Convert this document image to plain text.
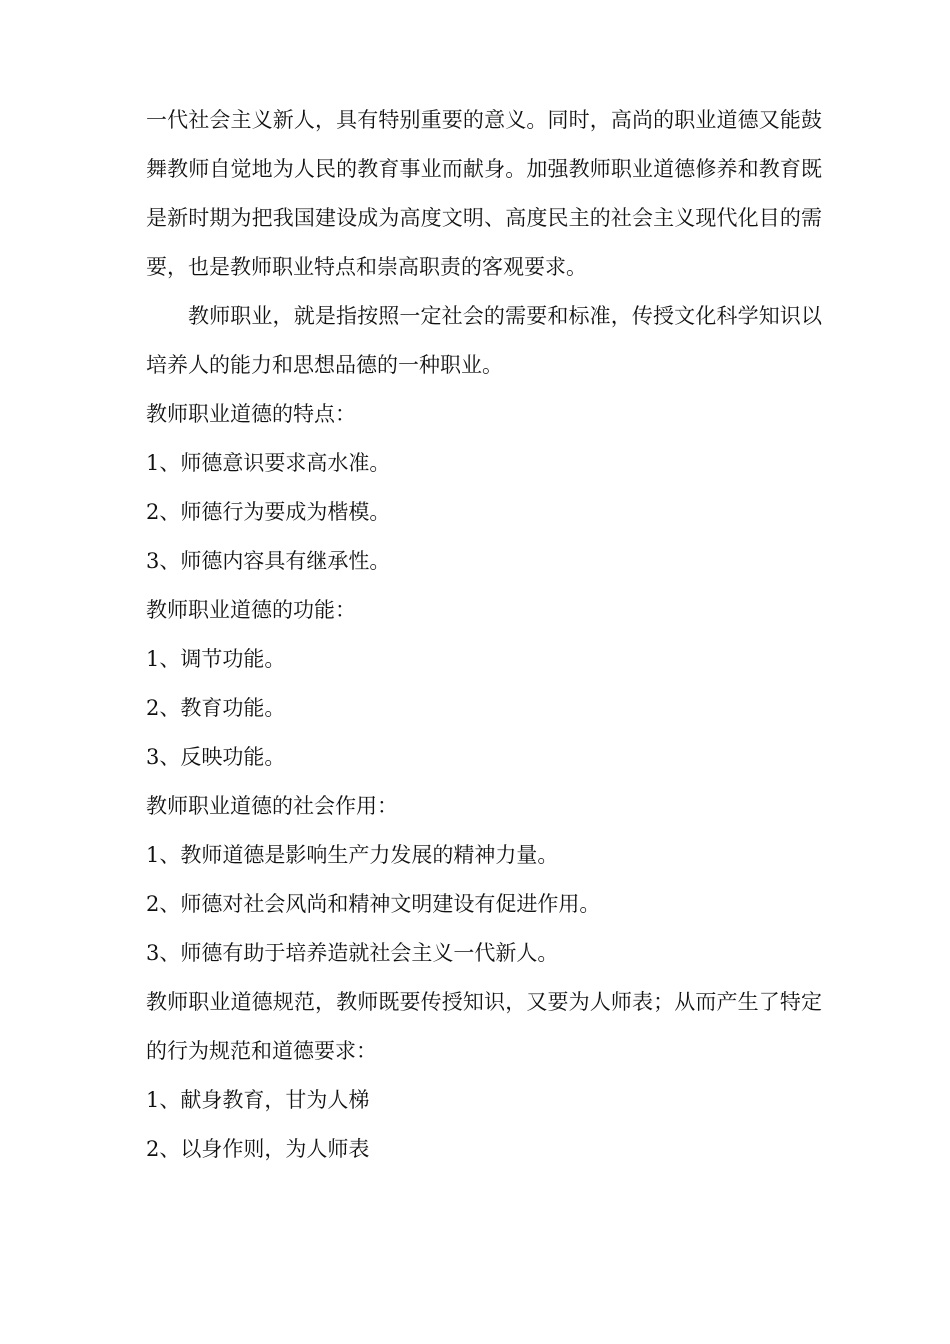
一代社会主义新人，具有特别重要的意义。同时，高尚的职业道德又能鼓舞教师自觉地为人民的教育事业而献身。加强教师职业道德修养和教育既是新时期为把我国建设成为高度文明、高度民主的社会主义现代化目的需要，也是教师职业特点和崇高职责的客观要求。

教师职业，就是指按照一定社会的需要和标准，传授文化科学知识以培养人的能力和思想品德的一种职业。

教师职业道德的特点：

1、师德意识要求高水准。

2、师德行为要成为楷模。

3、师德内容具有继承性。

教师职业道德的功能：

1、调节功能。

2、教育功能。

3、反映功能。

教师职业道德的社会作用：

1、教师道德是影响生产力发展的精神力量。

2、师德对社会风尚和精神文明建设有促进作用。

3、师德有助于培养造就社会主义一代新人。

教师职业道德规范，教师既要传授知识，又要为人师表；从而产生了特定的行为规范和道德要求：

1、献身教育，甘为人梯

2、以身作则，为人师表
